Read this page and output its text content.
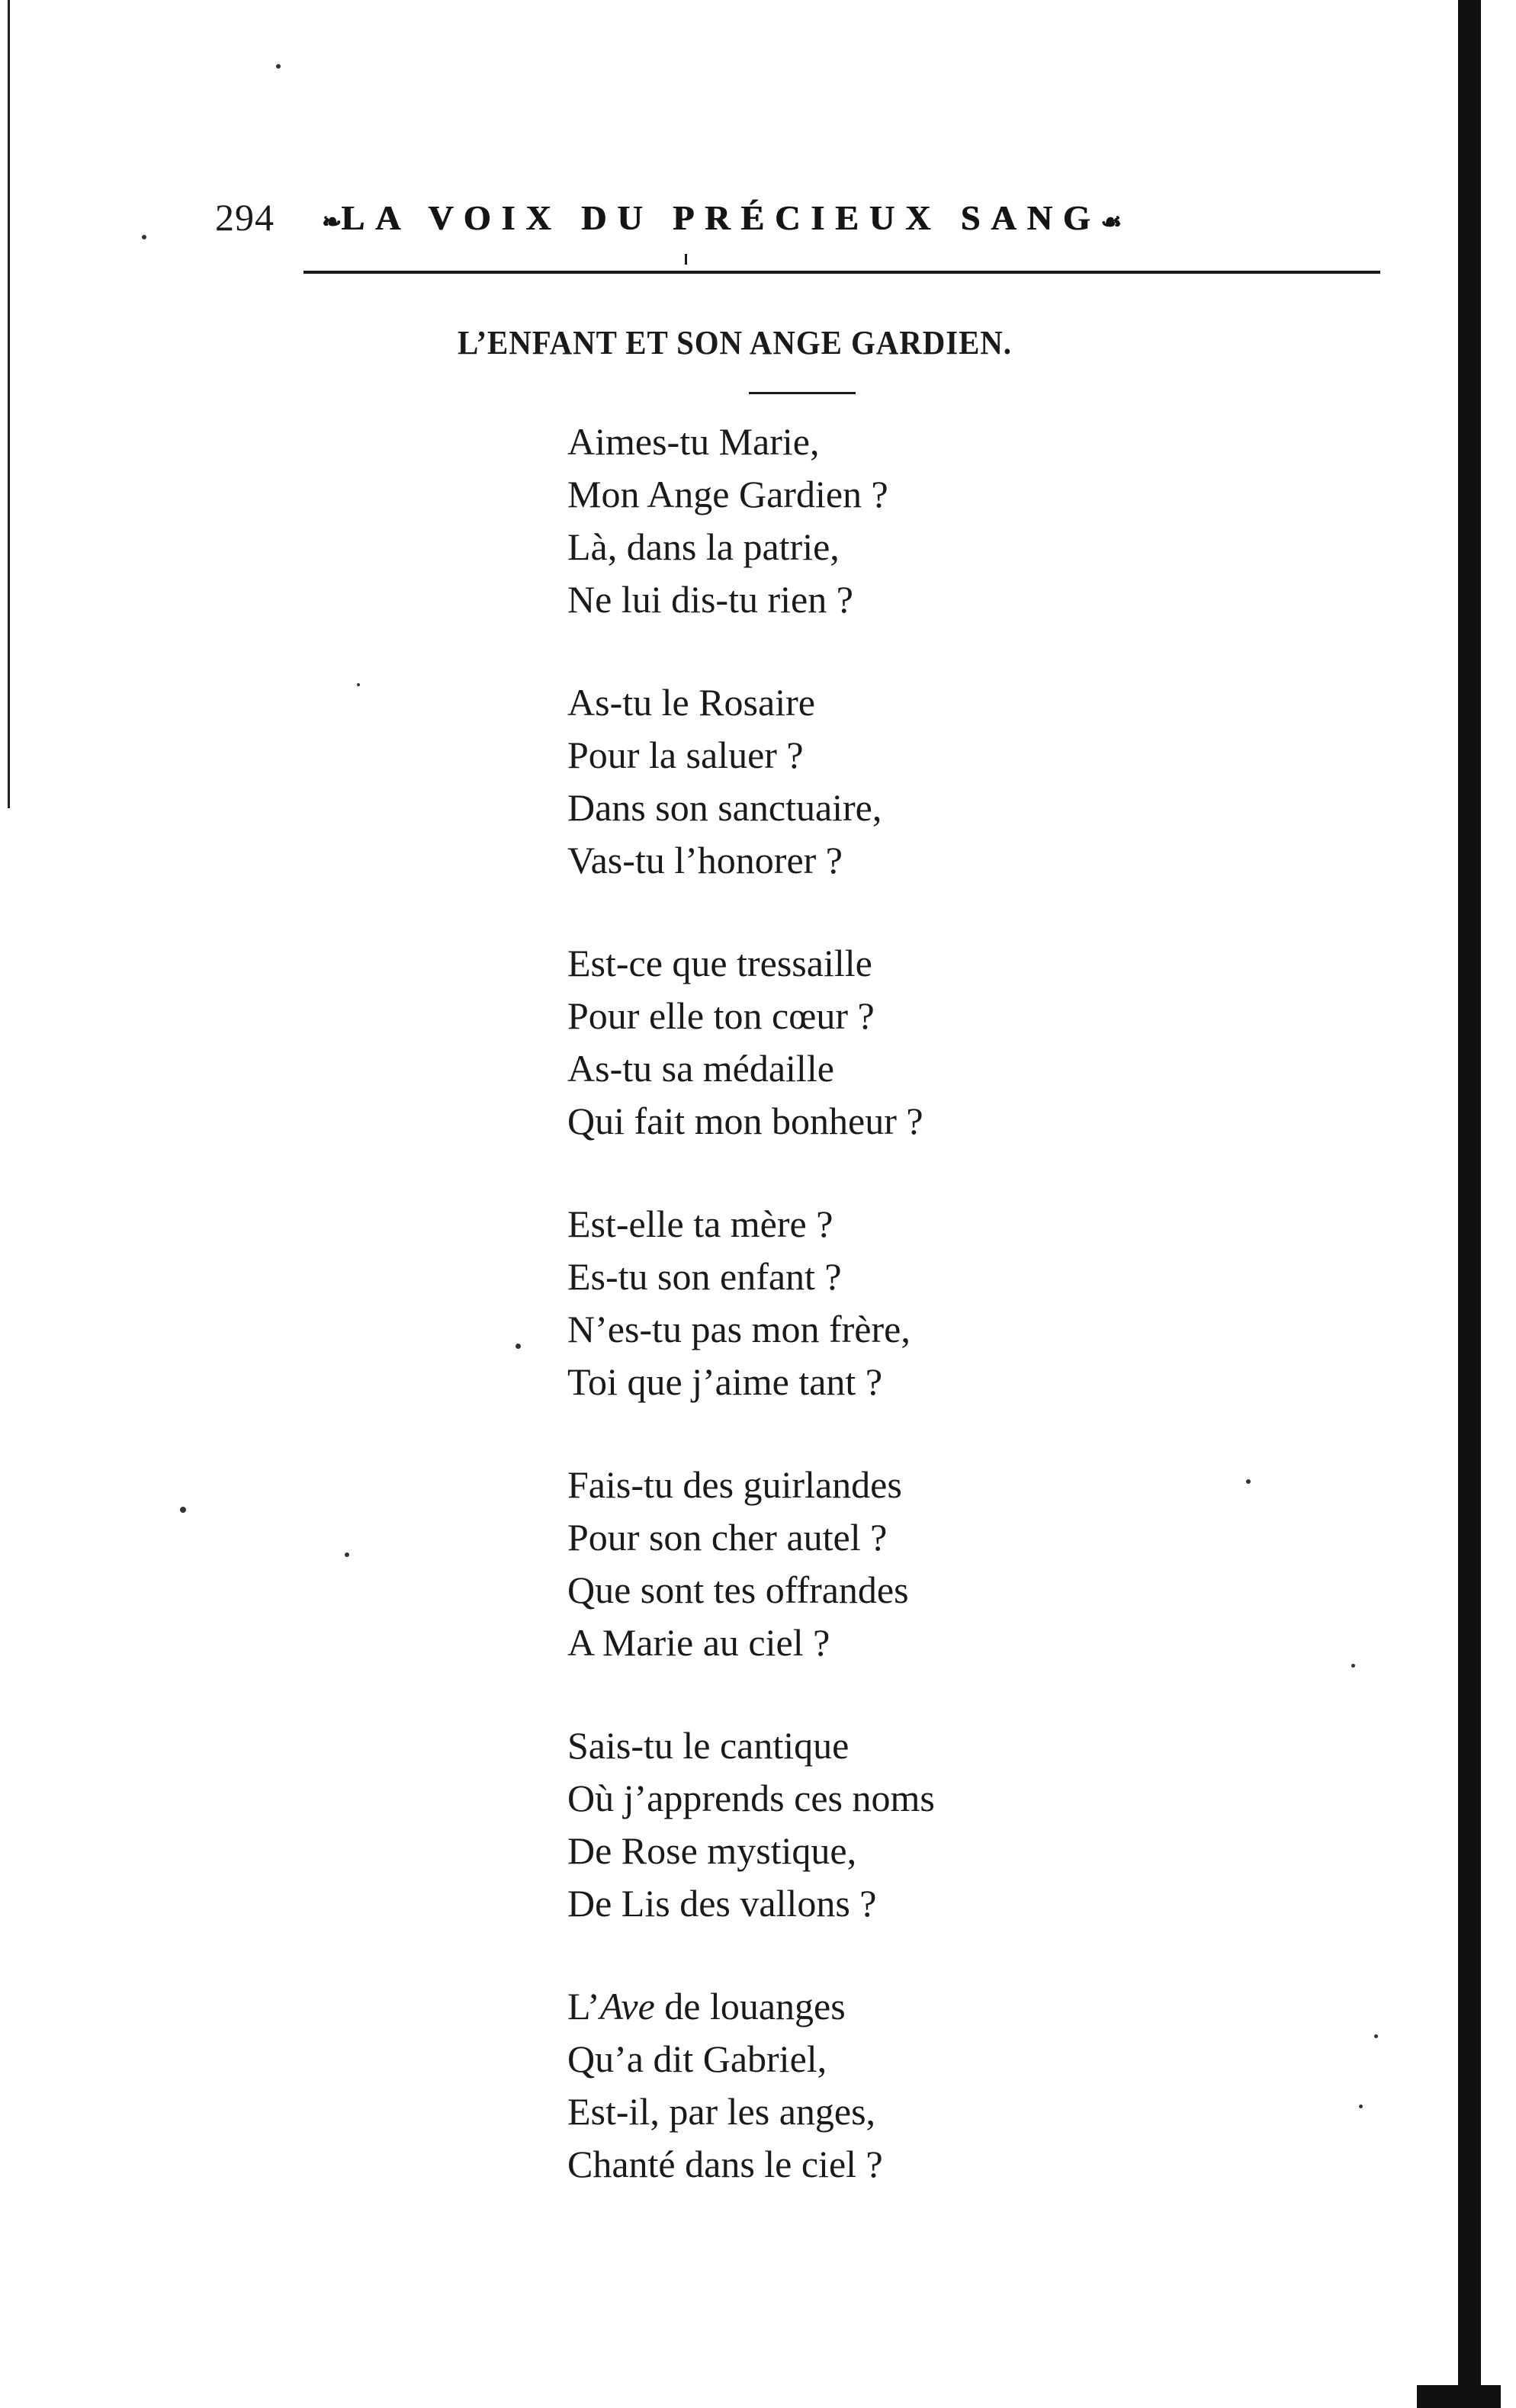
294 ❧LA VOIX DU PRÉCIEUX SANG☙
L’ENFANT ET SON ANGE GARDIEN.
Aimes-tu Marie,
Mon Ange Gardien ?
Là, dans la patrie,
Ne lui dis-tu rien ?
As-tu le Rosaire
Pour la saluer ?
Dans son sanctuaire,
Vas-tu l’honorer ?
Est-ce que tressaille
Pour elle ton cœur ?
As-tu sa médaille
Qui fait mon bonheur ?
Est-elle ta mère ?
Es-tu son enfant ?
N’es-tu pas mon frère,
Toi que j’aime tant ?
Fais-tu des guirlandes
Pour son cher autel ?
Que sont tes offrandes
A Marie au ciel ?
Sais-tu le cantique
Où j’apprends ces noms
De Rose mystique,
De Lis des vallons ?
L’Ave de louanges
Qu’a dit Gabriel,
Est-il, par les anges,
Chanté dans le ciel ?
